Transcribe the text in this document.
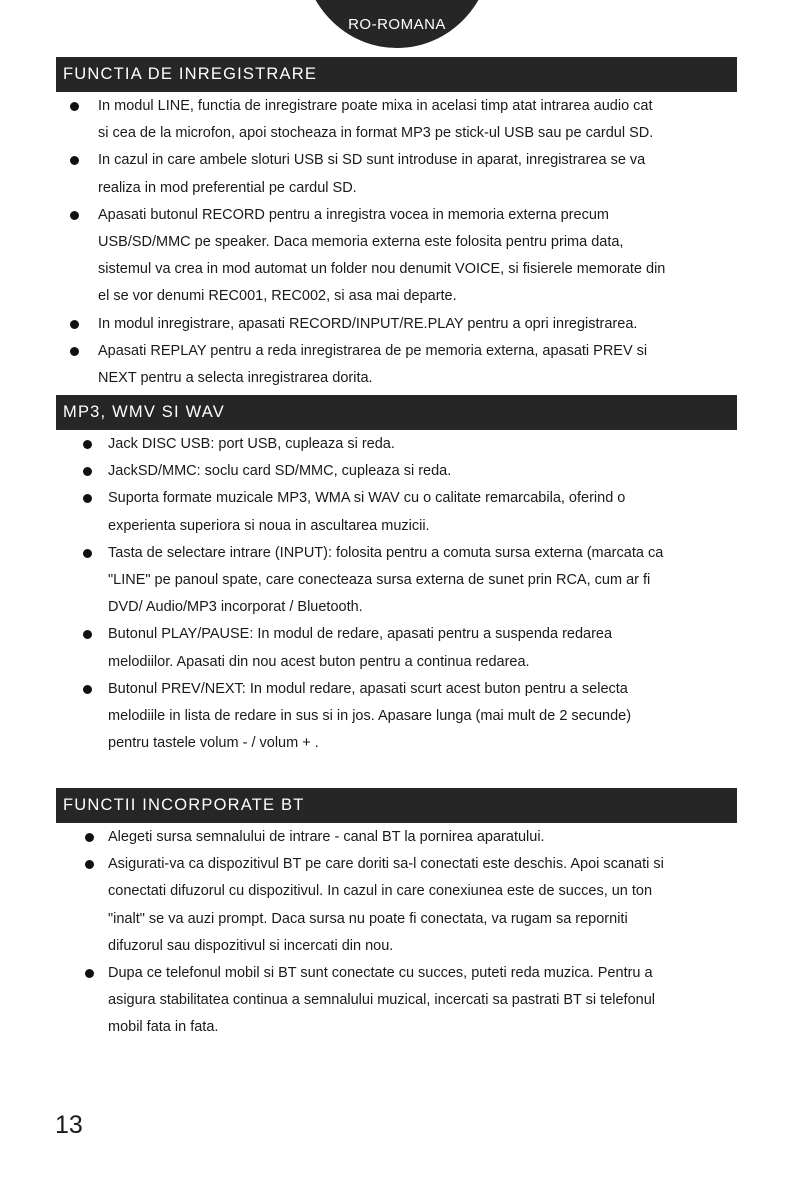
RO-ROMANA
FUNCTIA DE INREGISTRARE
In modul LINE, functia de inregistrare poate mixa in acelasi timp atat intrarea audio cat
si cea de la microfon, apoi stocheaza in format MP3 pe stick-ul USB sau pe cardul SD.
In cazul in care ambele sloturi USB si SD sunt introduse in aparat, inregistrarea se va
realiza in mod preferential pe cardul SD.
Apasati butonul RECORD pentru a inregistra vocea in memoria externa precum
USB/SD/MMC pe speaker. Daca memoria externa este folosita pentru prima data,
sistemul va crea in mod automat un folder nou denumit VOICE, si fisierele memorate din
el se vor denumi REC001, REC002, si asa mai departe.
In modul inregistrare, apasati RECORD/INPUT/RE.PLAY pentru a opri inregistrarea.
Apasati REPLAY pentru a reda inregistrarea de pe memoria externa, apasati PREV si
NEXT pentru a selecta inregistrarea dorita.
MP3, WMV SI WAV
Jack DISC USB: port USB, cupleaza si reda.
JackSD/MMC: soclu card SD/MMC, cupleaza si reda.
Suporta formate muzicale MP3, WMA si WAV cu o calitate remarcabila, oferind o
experienta superiora si noua in ascultarea muzicii.
Tasta de selectare intrare (INPUT): folosita pentru a comuta sursa externa (marcata ca
"LINE" pe panoul spate, care conecteaza sursa externa de sunet prin RCA, cum ar fi
DVD/ Audio/MP3 incorporat / Bluetooth.
Butonul PLAY/PAUSE: In modul de redare, apasati pentru a suspenda redarea
melodiilor. Apasati din nou acest buton pentru a continua redarea.
Butonul PREV/NEXT: In modul redare, apasati scurt acest buton pentru a selecta
melodiile in lista de redare in sus si in jos. Apasare lunga (mai mult de 2 secunde)
pentru tastele volum - / volum + .
FUNCTII INCORPORATE BT
Alegeti sursa semnalului de intrare - canal BT la pornirea aparatului.
Asigurati-va ca dispozitivul BT pe care doriti sa-l conectati este deschis. Apoi scanati si
conectati difuzorul cu dispozitivul. In cazul in care conexiunea este de succes, un ton
"inalt" se va auzi prompt. Daca sursa nu poate fi conectata, va rugam sa reporniti
difuzorul sau dispozitivul si incercati din nou.
Dupa ce telefonul mobil si BT sunt conectate cu succes, puteti reda muzica. Pentru a
asigura stabilitatea continua a semnalului muzical, incercati sa pastrati BT si telefonul
mobil fata in fata.
13
